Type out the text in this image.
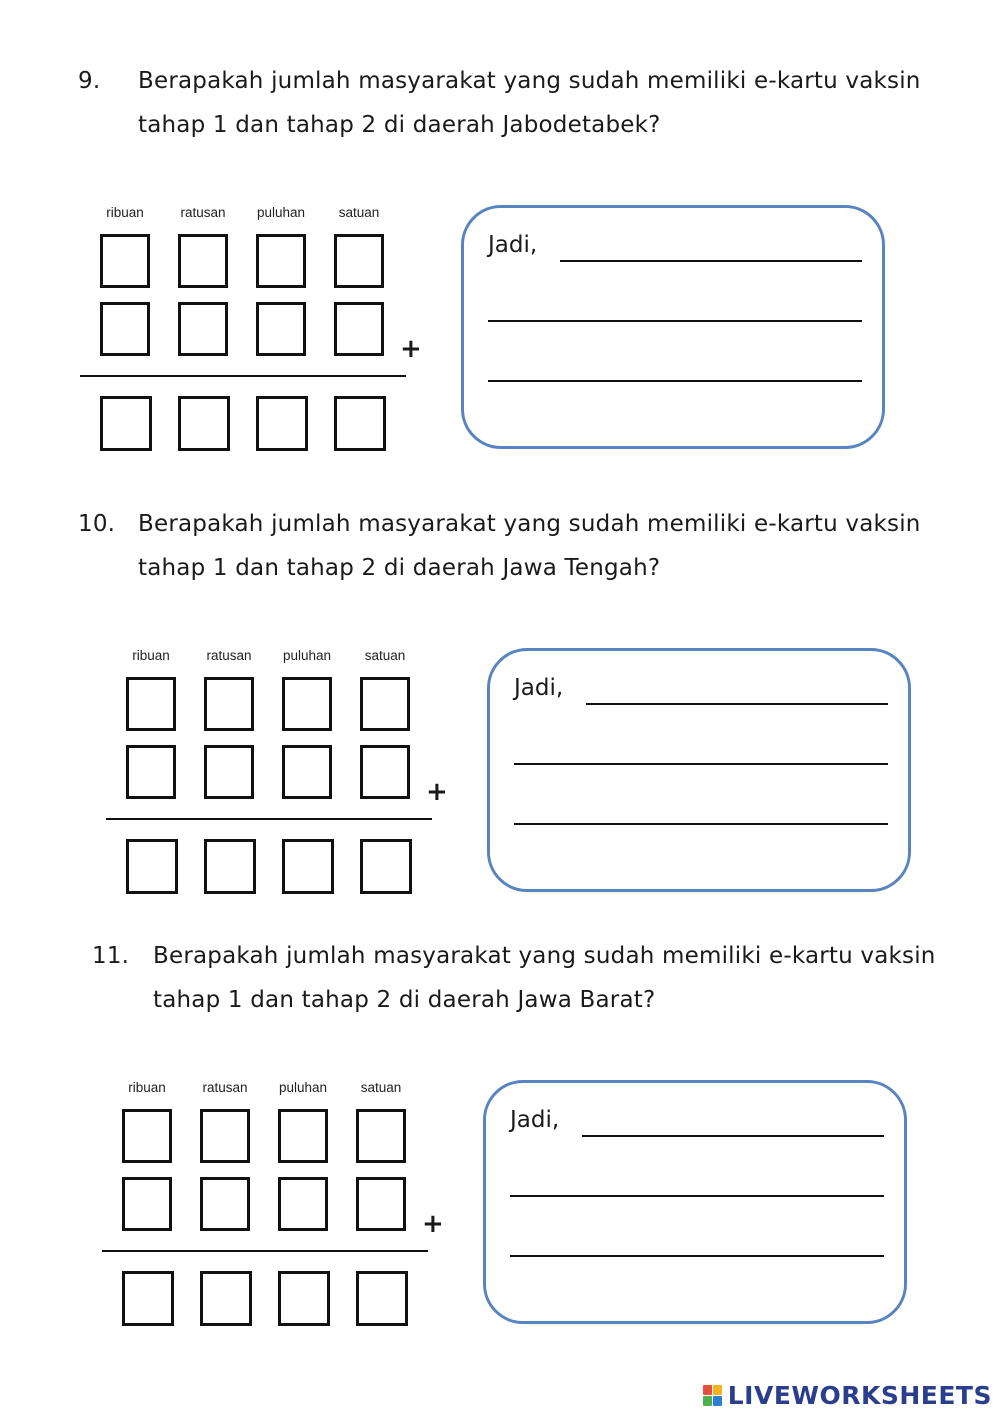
9. Berapakah jumlah masyarakat yang sudah memiliki e-kartu vaksin
tahap 1 dan tahap 2 di daerah Jabodetabek?
ribuan	ratusan	puluhan	satuan
+
Jadi,
10. Berapakah jumlah masyarakat yang sudah memiliki e-kartu vaksin
tahap 1 dan tahap 2 di daerah Jawa Tengah?
ribuan	ratusan	puluhan	satuan
+
Jadi,
11. Berapakah jumlah masyarakat yang sudah memiliki e-kartu vaksin
tahap 1 dan tahap 2 di daerah Jawa Barat?
ribuan	ratusan	puluhan	satuan
+
Jadi,
LIVEWORKSHEETS
